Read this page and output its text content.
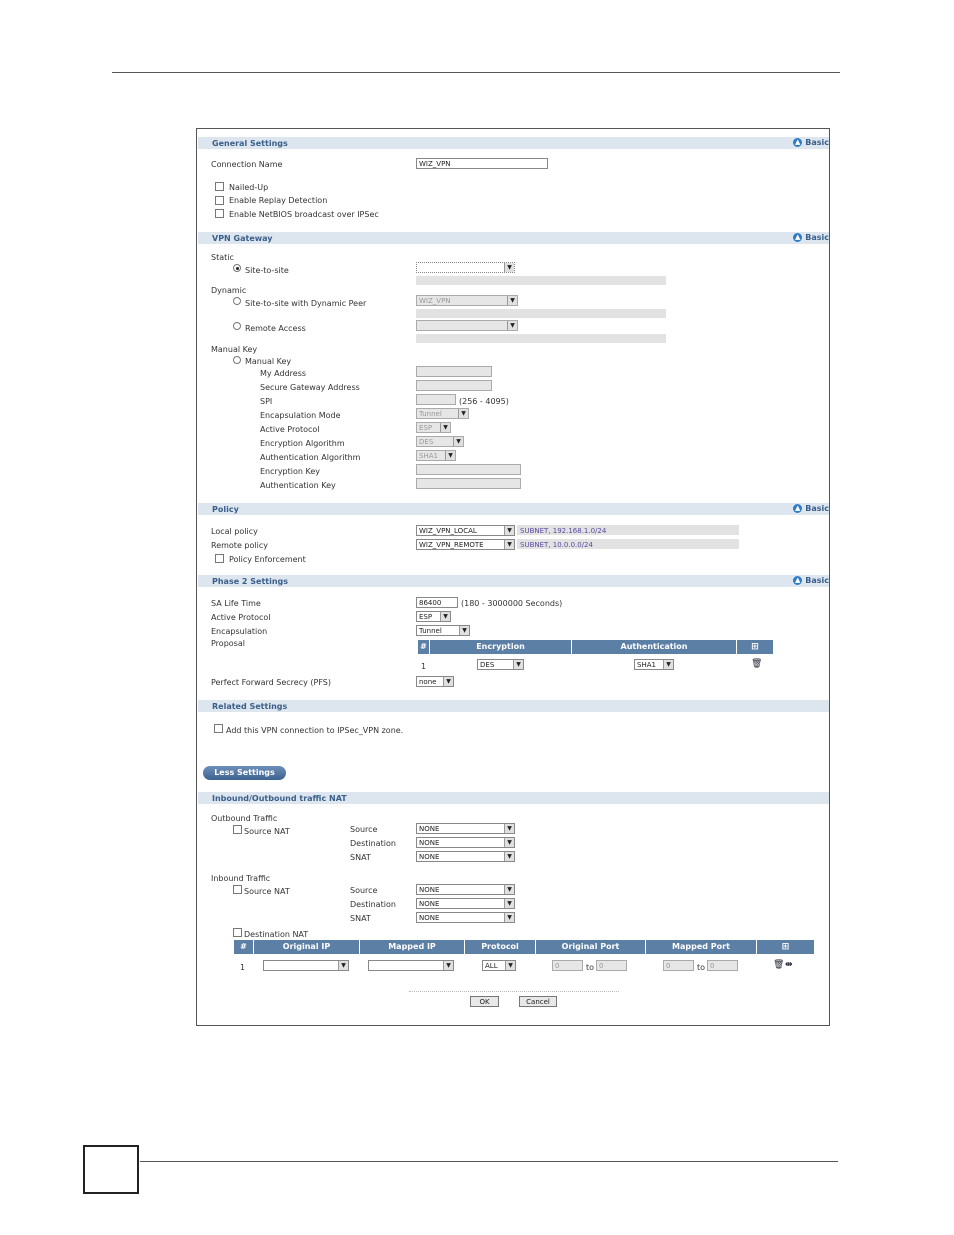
General Settings	▲ Basic
Connection Name	WIZ_VPN
Nailed-Up
Enable Replay Detection
Enable NetBIOS broadcast over IPSec
VPN Gateway	▲ Basic
Static
Site-to-site	▼
Dynamic
Site-to-site with Dynamic Peer	WIZ_VPN	▼
Remote Access	▼
Manual Key
Manual Key
My Address
Secure Gateway Address
SPI	(256 - 4095)
Encapsulation Mode	Tunnel	▼
Active Protocol	ESP	▼
Encryption Algorithm	DES	▼
Authentication Algorithm	SHA1	▼
Encryption Key
Authentication Key
Policy	▲ Basic
Local policy	WIZ_VPN_LOCAL	▼	SUBNET, 192.168.1.0/24
Remote policy	WIZ_VPN_REMOTE	▼	SUBNET, 10.0.0.0/24
Policy Enforcement
Phase 2 Settings	▲ Basic
SA Life Time	86400	(180 - 3000000 Seconds)
Active Protocol	ESP	▼
Encapsulation	Tunnel	▼
Proposal	#	Encryption	Authentication	⊞
1	DES	▼	SHA1	▼	🗑
Perfect Forward Secrecy (PFS)	none	▼
Related Settings
Add this VPN connection to IPSec_VPN zone.
Less Settings
Inbound/Outbound traffic NAT
Outbound Traffic
Source NAT	Source	NONE	▼
Destination	NONE	▼
SNAT	NONE	▼
Inbound Traffic
Source NAT	Source	NONE	▼
Destination	NONE	▼
SNAT	NONE	▼
Destination NAT
#	Original IP	Mapped IP	Protocol	Original Port	Mapped Port	⊞
1	▼	▼	ALL	▼	0	to 0	0	to 0	🗑 ⇹
OK	Cancel
